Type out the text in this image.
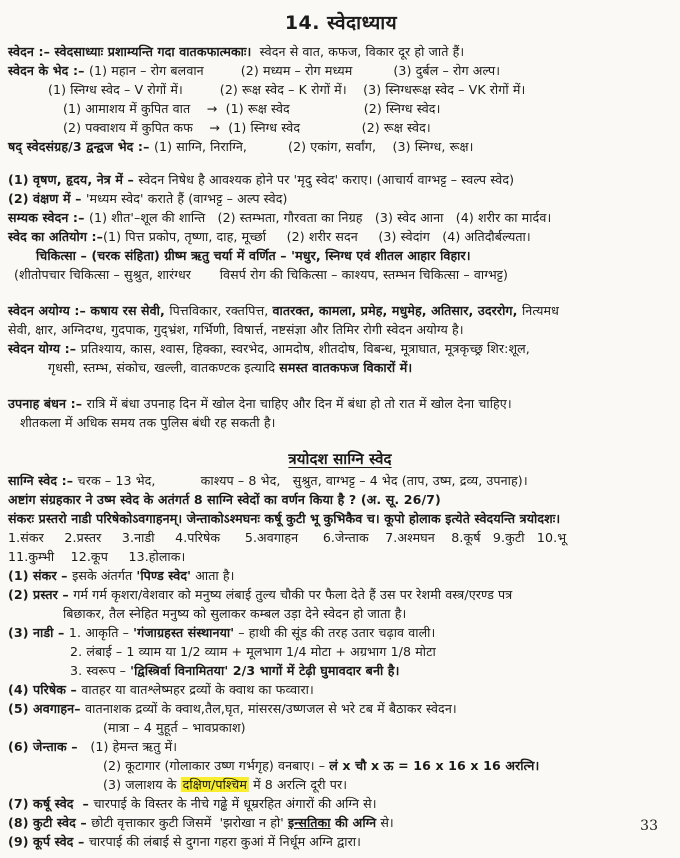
14. स्वेदाध्याय
स्वेदन :– स्वेदसाध्याः प्रशाम्यन्ति गदा वातकफात्मकाः।  स्वेदन से वात, कफज, विकार दूर हो जाते हैं।
स्वेदन के भेद :– (1) महान – रोग बलवान         (2) मध्यम – रोग मध्यम          (3) दुर्बल – रोग अल्प।
(1) स्निग्ध स्वेद – V रोगों में।         (2) रूक्ष स्वेद – K रोगों में।    (3) स्निग्धरूक्ष स्वेद – VK रोगों में।
(1) आमाशय में कुपित वात    →  (1) रूक्ष स्वेद                  (2) स्निग्ध स्वेद।
(2) पक्वाशय में कुपित कफ    →  (1) स्निग्ध स्वेद               (2) रूक्ष स्वेद।
षद् स्वेदसंग्रह/3 द्वन्द्वज भेद :– (1) साग्नि, निराग्नि,          (2) एकांग, सर्वांग,    (3) स्निग्ध, रूक्ष।
(1) वृषण, हृदय, नेत्र में – स्वेदन निषेध है आवश्यक होने पर 'मृदु स्वेद' कराए। (आचार्य वाग्भट्ट – स्वल्प स्वेद)
(2) वंक्षण में – 'मध्यम स्वेद' कराते हैं (वाग्भट्ट – अल्प स्वेद)
सम्यक स्वेदन :– (1) शीत'–शूल की शान्ति   (2) स्तम्भता, गौरवता का निग्रह   (3) स्वेद आना   (4) शरीर का मार्दव।
स्वेद का अतियोग :–(1) पित्त प्रकोप, तृष्णा, दाह, मूर्च्छा     (2) शरीर सदन     (3) स्वेदांग   (4) अतिदौर्बल्यता।
चिकित्सा – (चरक संहिता) ग्रीष्म ऋतु चर्या में वर्णित – 'मधुर, स्निग्ध एवं शीतल आहार विहार।
(शीतोपचार चिकित्सा – सुश्रुत, शारंग्धर       विसर्प रोग की चिकित्सा – काश्यप, स्तम्भन चिकित्सा – वाग्भट्ट)
स्वेदन अयोग्य :– कषाय रस सेवी, पित्तविकार, रक्तपित्त, वातरक्त, कामला, प्रमेह, मधुमेह, अतिसार, उदररोग, नित्यमध
सेवी, क्षार, अग्निदग्ध, गुदपाक, गुद्भ्रंश, गर्भिणी, विषार्त्त, नष्टसंज्ञा और तिमिर रोगी स्वेदन अयोग्य है।
स्वेदन योग्य :– प्रतिश्याय, कास, श्वास, हिक्का, स्वरभेद, आमदोष, शीतदोष, विबन्ध, मूत्राघात, मूत्रकृच्छ्र शिर:शूल,
गृधसी, स्तम्भ, संकोच, खल्ली, वातकण्टक इत्यादि समस्त वातकफज विकारों में।
उपनाह बंधन :– रात्रि में बंधा उपनाह दिन में खोल देना चाहिए और दिन में बंधा हो तो रात में खोल देना चाहिए।
शीतकला में अधिक समय तक पुलिस बंधी रह सकती है।
त्रयोदश साग्नि स्वेद
साग्नि स्वेद :– चरक – 13 भेद,           काश्यप – 8 भेद,   सुश्रुत, वाग्भट्ट – 4 भेद (ताप, उष्म, द्रव्य, उपनाह)।
अष्टांग संग्रहकार ने उष्म स्वेद के अतंगर्त 8 साग्नि स्वेदों का वर्णन किया है ? (अ. सू. 26/7)
संकरः प्रस्तरो नाडी परिषेकोऽवगाहनम्। जेन्ताकोऽश्मघनः कर्षू कुटी भू कुभिकैव च। कूपो होलाक इत्येते स्वेदयन्ति त्रयोदशः।
1.संकर     2.प्रस्तर     3.नाडी     4.परिषेक      5.अवगाहन      6.जेन्ताक    7.अश्मघन    8.कूर्ष   9.कुटी   10.भू
11.कुम्भी    12.कूप     13.होलाक।
(1) संकर – इसके अंतर्गत 'पिण्ड स्वेद' आता है।
(2) प्रस्तर – गर्म गर्म कृशरा/वेशवार को मनुष्य लंबाई तुल्य चौकी पर फैला देते हैं उस पर रेशमी वस्त्र/एरण्ड पत्र
बिछाकर, तैल स्नेहित मनुष्य को सुलाकर कम्बल उड़ा देने स्वेदन हो जाता है।
(3) नाडी – 1. आकृति – 'गंजाग्रहस्त संस्थानया' – हाथी की सूंड की तरह उतार चढ़ाव वाली।
2. लंबाई – 1 व्याम या 1/2 व्याम + मूलभाग 1/4 मोटा + अग्रभाग 1/8 मोटा
3. स्वरूप – 'द्विस्त्रिर्वा विनामितया' 2/3 भागों में टेढ़ी घुमावदार बनी है।
(4) परिषेक – वातहर या वातश्लेष्महर द्रव्यों के क्वाथ का फव्वारा।
(5) अवगाहन– वातनाशक द्रव्यों के क्वाथ,तैल,घृत, मांसरस/उष्णजल से भरे टब में बैठाकर स्वेदन।
(मात्रा – 4 मुहूर्त – भावप्रकाश)
(6) जेन्ताक –   (1) हेमन्त ऋतु में।
(2) कूटागार (गोलाकार उष्ण गर्भगृह) वनबाए। – लं x चौ x ऊ = 16 x 16 x 16 अरत्नि।
(3) जलाशय के दक्षिण/पश्चिम में 8 अरत्नि दूरी पर।
(7) कर्षू स्वेद  – चारपाई के विस्तर के नीचे गढ्ढे में धूम्ररहित अंगारों की अग्नि से।
(8) कुटी स्वेद – छोटी वृत्ताकार कुटी जिसमें  'झरोखा न हो' इन्सतिका की अग्नि से।
(9) कूर्प स्वेद – चारपाई की लंबाई से दुगना गहरा कुआं में निर्धूम अग्नि द्वारा।
33
